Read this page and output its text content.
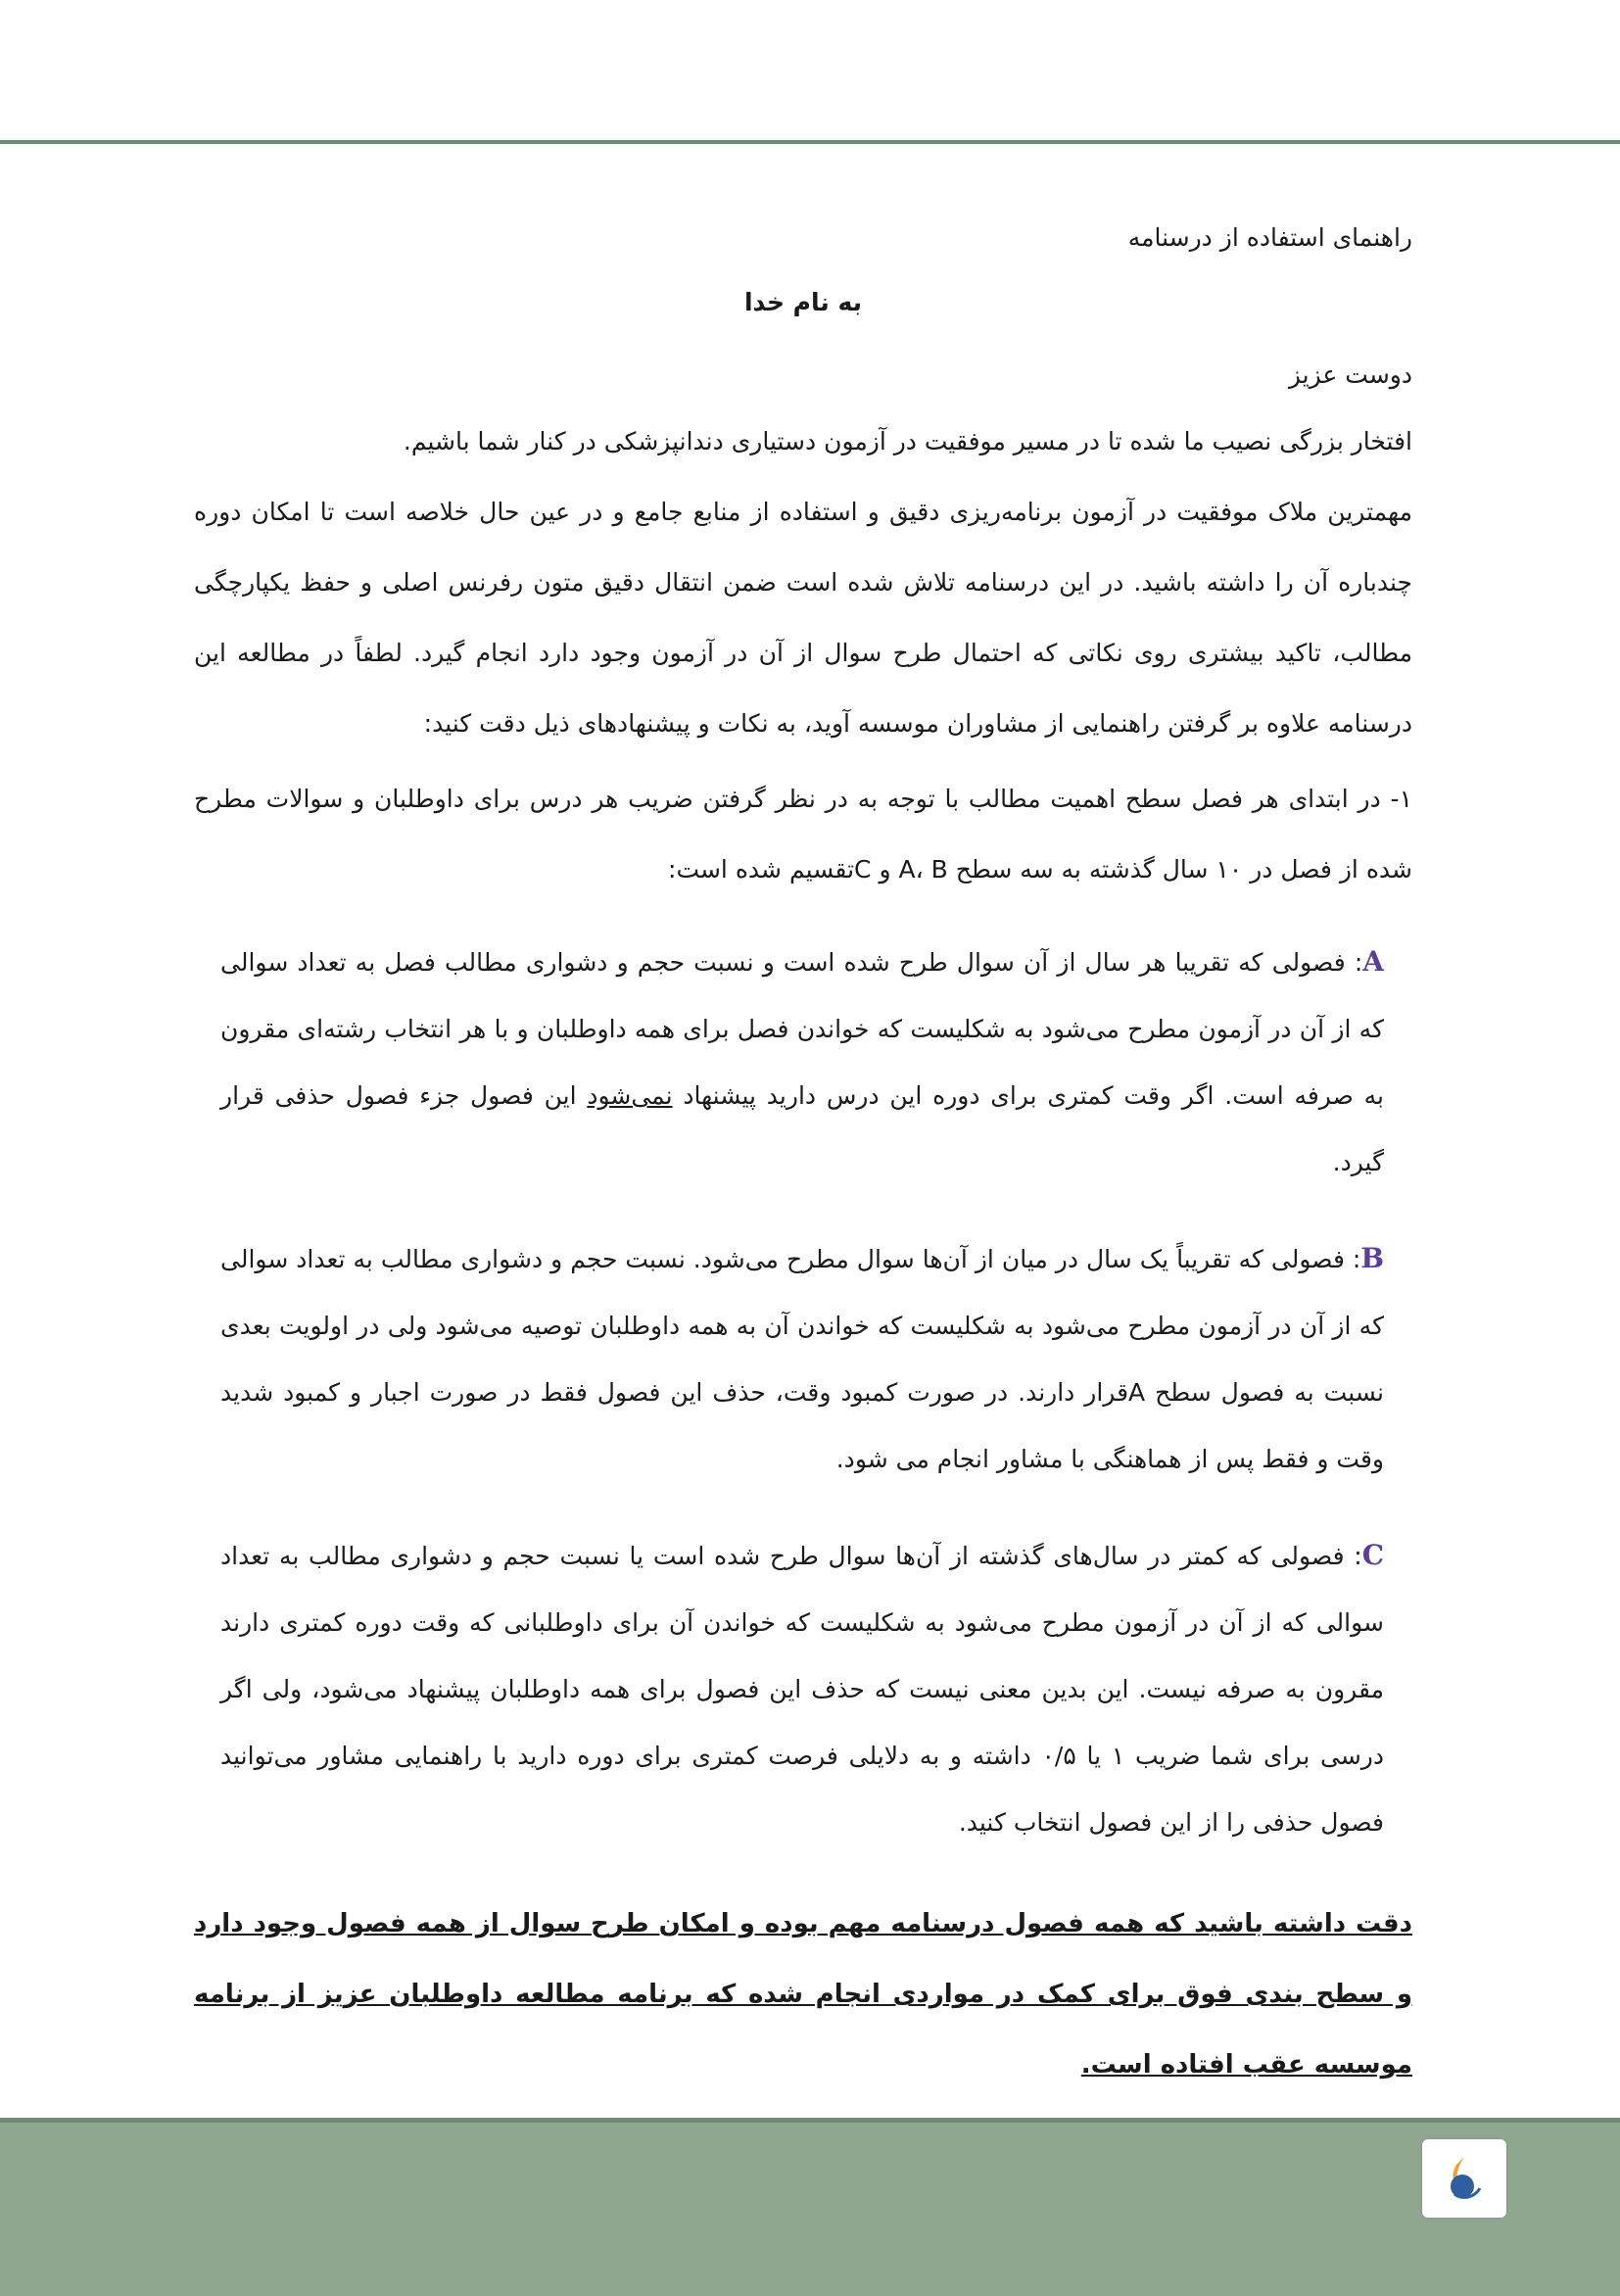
راهنمای استفاده از درسنامه
به نام خدا
دوست عزیز

افتخار بزرگی نصیب ما شده تا در مسیر موفقیت در آزمون دستیاری دندانپزشکی در کنار شما باشیم.

مهمترین ملاک موفقیت در آزمون برنامه‌ریزی دقیق و استفاده از منابع جامع و در عین حال خلاصه است تا امکان دوره چندباره آن را داشته باشید. در این درسنامه تلاش شده است ضمن انتقال دقیق متون رفرنس اصلی و حفظ یکپارچگی مطالب، تاکید بیشتری روی نکاتی که احتمال طرح سوال از آن در آزمون وجود دارد انجام گیرد. لطفاً در مطالعه این درسنامه علاوه بر گرفتن راهنمایی از مشاوران موسسه آوید، به نکات و پیشنهادهای ذیل دقت کنید:

۱- در ابتدای هر فصل سطح اهمیت مطالب با توجه به در نظر گرفتن ضریب هر درس برای داوطلبان و سوالات مطرح شده از فصل در ۱۰ سال گذشته به سه سطح A، B و Cتقسیم شده است:

A: فصولی که تقریبا هر سال از آن سوال طرح شده است و نسبت حجم و دشواری مطالب فصل به تعداد سوالی که از آن در آزمون مطرح می‌شود به شکلیست که خواندن فصل برای همه داوطلبان و با هر انتخاب رشته‌ای مقرون به صرفه است. اگر وقت کمتری برای دوره این درس دارید پیشنهاد نمی‌شود این فصول جزء فصول حذفی قرار گیرد.

B: فصولی که تقریباً یک سال در میان از آن‌ها سوال مطرح می‌شود. نسبت حجم و دشواری مطالب به تعداد سوالی که از آن در آزمون مطرح می‌شود به شکلیست که خواندن آن به همه داوطلبان توصیه می‌شود ولی در اولویت بعدی نسبت به فصول سطح Aقرار دارند. در صورت کمبود وقت، حذف این فصول فقط در صورت اجبار و کمبود شدید وقت و فقط پس از هماهنگی با مشاور انجام می شود.

C: فصولی که کمتر در سال‌های گذشته از آن‌ها سوال طرح شده است یا نسبت حجم و دشواری مطالب به تعداد سوالی که از آن در آزمون مطرح می‌شود به شکلیست که خواندن آن برای داوطلبانی که وقت دوره کمتری دارند مقرون به صرفه نیست. این بدین معنی نیست که حذف این فصول برای همه داوطلبان پیشنهاد می‌شود، ولی اگر درسی برای شما ضریب ۱ یا ۰/۵ داشته و به دلایلی فرصت کمتری برای دوره دارید با راهنمایی مشاور می‌توانید فصول حذفی را از این فصول انتخاب کنید.

دقت داشته باشید که همه فصول درسنامه مهم بوده و امکان طرح سوال از همه فصول وجود دارد و سطح بندی فوق برای کمک در مواردی انجام شده که برنامه مطالعه داوطلبان عزیز از برنامه موسسه عقب افتاده است.
